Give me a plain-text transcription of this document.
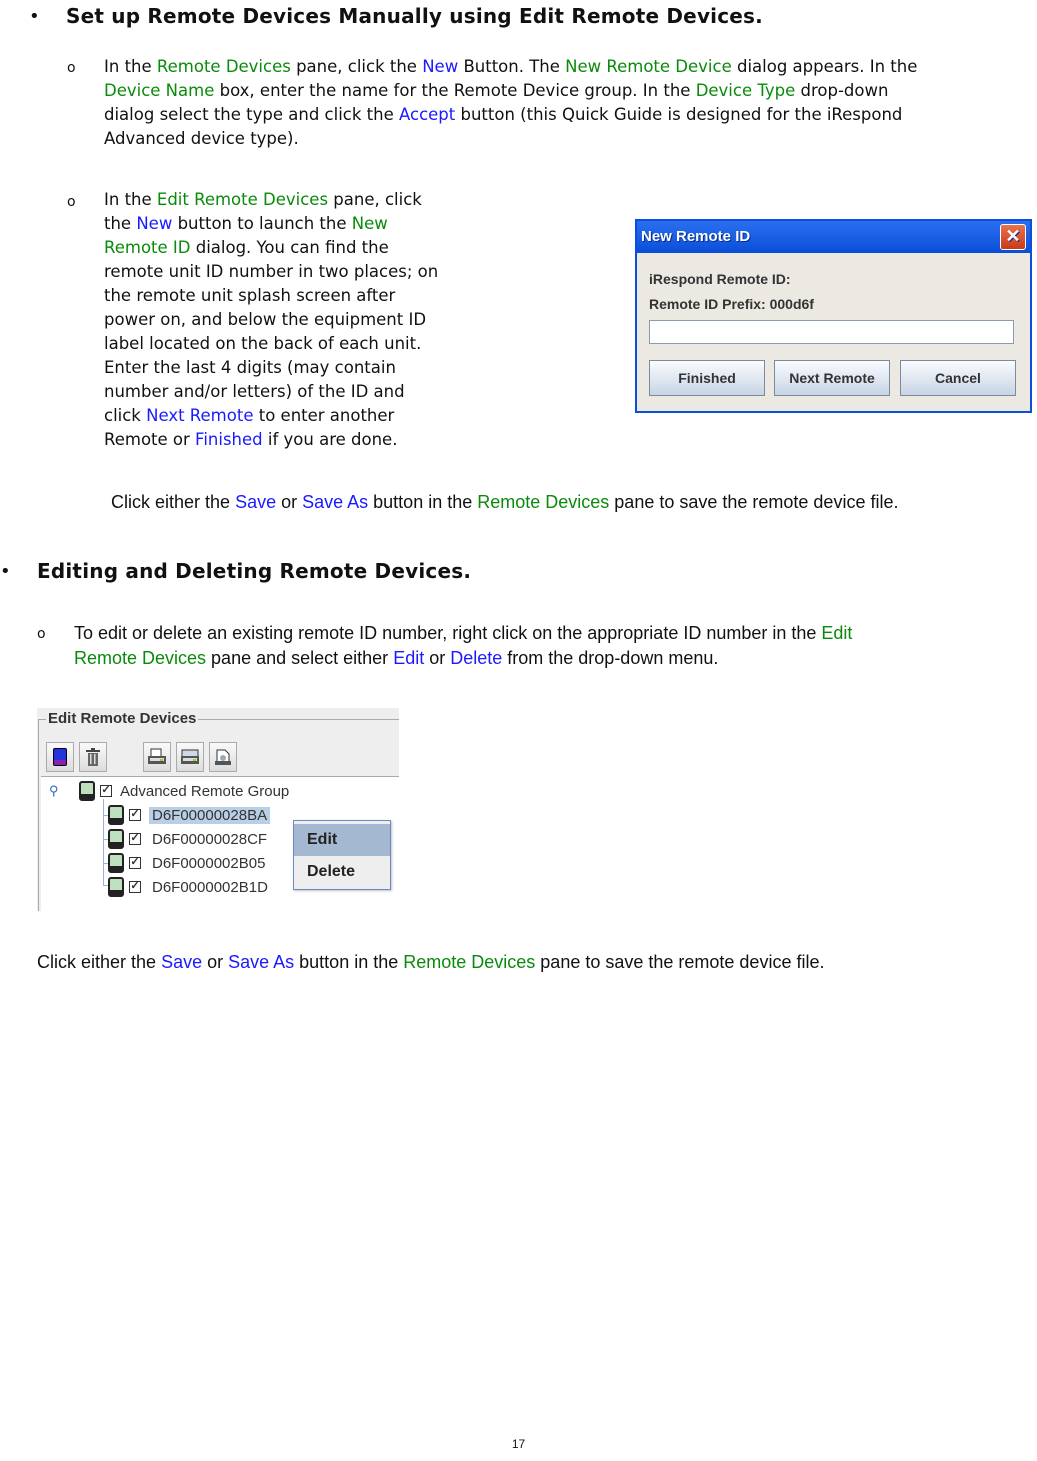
• Set up Remote Devices Manually using Edit Remote Devices.
o In the Remote Devices pane, click the New Button. The New Remote Device dialog appears. In the
Device Name box, enter the name for the Remote Device group. In the Device Type drop-down
dialog select the type and click the Accept button (this Quick Guide is designed for the iRespond
Advanced device type).
o In the Edit Remote Devices pane, click
the New button to launch the New
Remote ID dialog. You can find the
remote unit ID number in two places; on
the remote unit splash screen after
power on, and below the equipment ID
label located on the back of each unit.
Enter the last 4 digits (may contain
number and/or letters) of the ID and
click Next Remote to enter another
Remote or Finished if you are done.
New Remote ID	✕
iRespond Remote ID:
Remote ID Prefix: 000d6f
Finished	Next Remote	Cancel
Click either the Save or Save As button in the Remote Devices pane to save the remote device file.
• Editing and Deleting Remote Devices.
o To edit or delete an existing remote ID number, right click on the appropriate ID number in the Edit
Remote Devices pane and select either Edit or Delete from the drop-down menu.
Edit Remote Devices
⚲	✓ Advanced Remote Group
✓ D6F00000028BA
✓ D6F00000028CF
✓ D6F0000002B05
✓ D6F0000002B1D
Edit
Delete
Click either the Save or Save As button in the Remote Devices pane to save the remote device file.
17
